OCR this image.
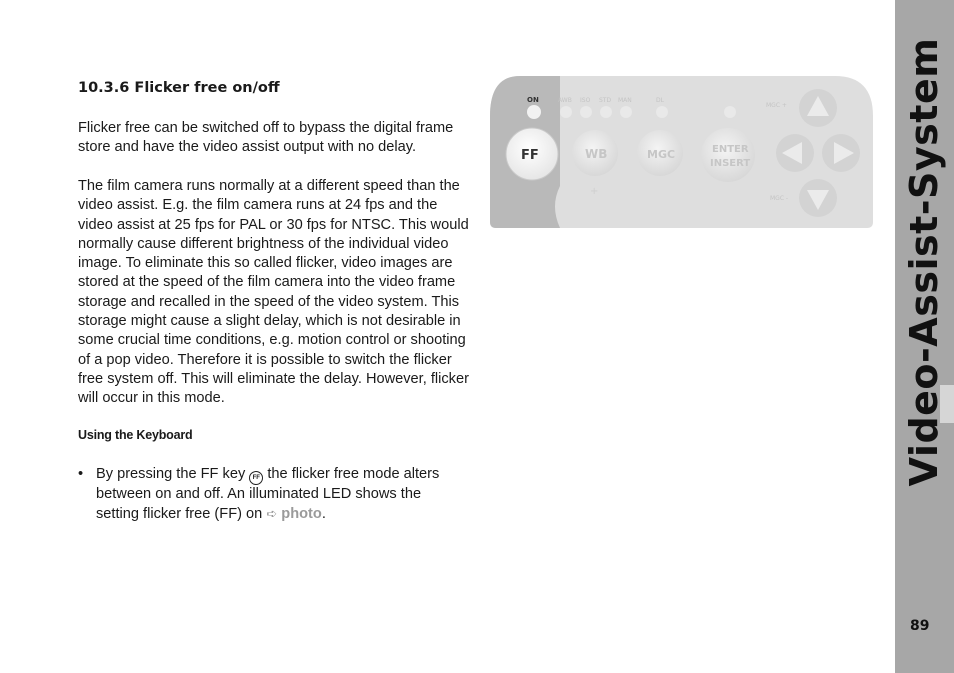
10.3.6 Flicker free on/off

Flicker free can be switched off to bypass the digital frame store and have the video assist output with no delay.

The film camera runs normally at a different speed than the video assist. E.g. the film camera runs at 24 fps and the video assist at 25 fps for PAL or 30 fps for NTSC. This would normally cause different brightness of the individual video image. To eliminate this so called flicker, video images are stored at the speed of the film camera into the video frame storage and recalled in the speed of the video system. This storage might cause a slight delay, which is not desirable in some crucial time conditions, e.g. motion control or shooting of a pop video. Therefore it is possible to switch the flicker free system off. This will eliminate the delay. However, flicker will occur in this mode.

Using the Keyboard
• By pressing the FF key FF the flicker free mode alters between on and off. An illuminated LED shows the setting flicker free (FF) on ➪ photo.
+
ON	AWB ISO STD MAN	DL
FF	WB	MGC	ENTER
INSERT
MGC +
MGC -	Video-Assist-System
89
